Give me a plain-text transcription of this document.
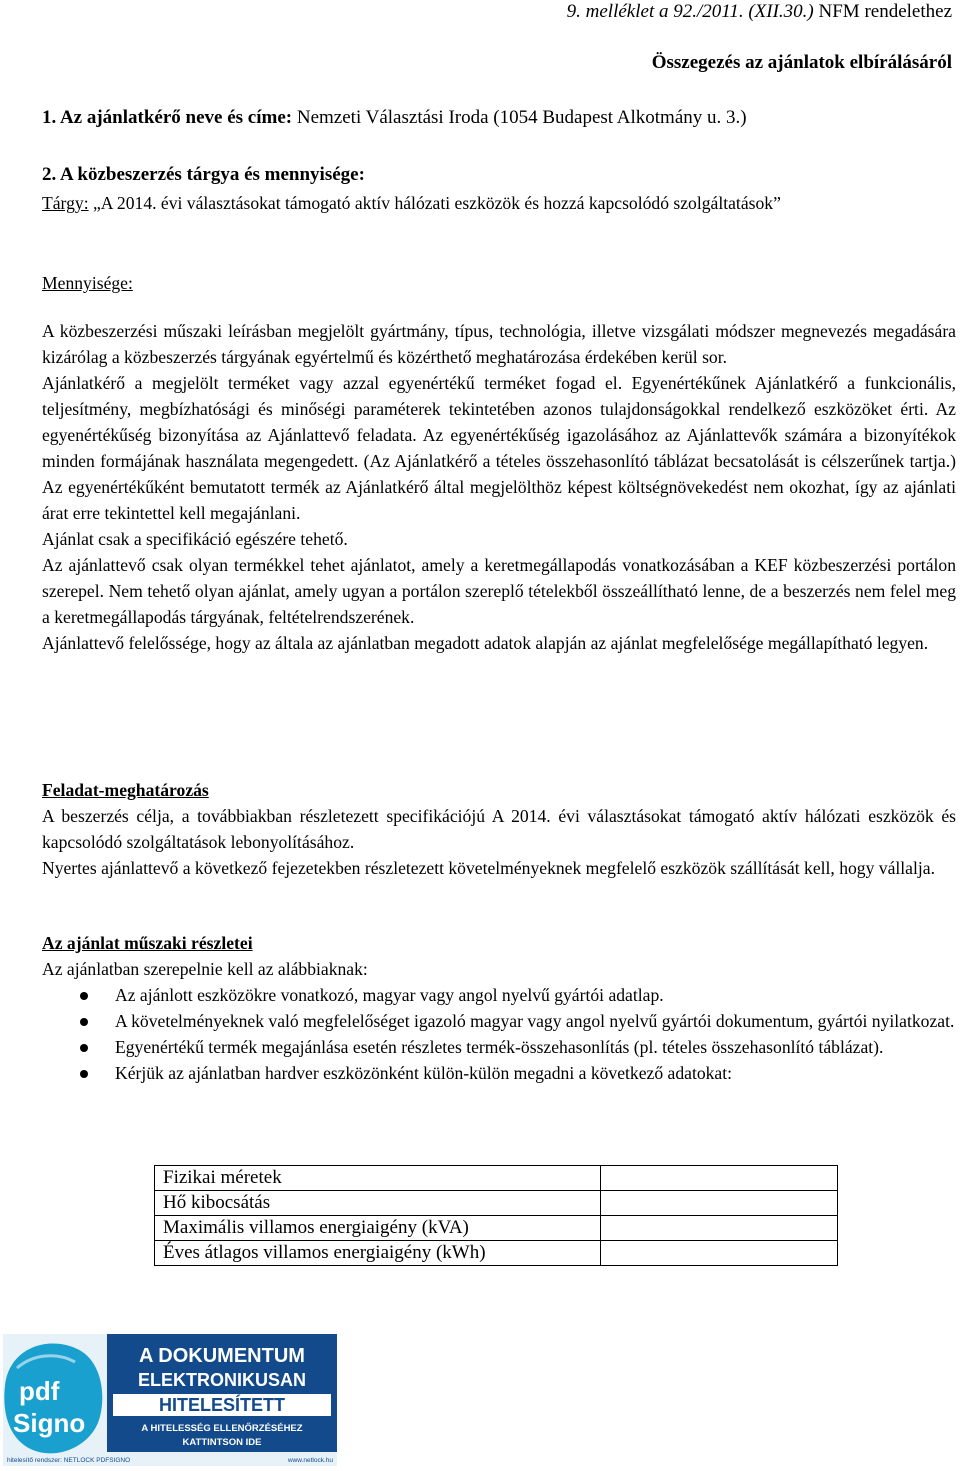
9. melléklet a 92./2011. (XII.30.) NFM rendelethez
Összegezés az ajánlatok elbírálásáról
1. Az ajánlatkérő neve és címe: Nemzeti Választási Iroda (1054 Budapest Alkotmány u. 3.)
2. A közbeszerzés tárgya és mennyisége:
Tárgy: „A 2014. évi választásokat támogató aktív hálózati eszközök és hozzá kapcsolódó szolgáltatások”
Mennyisége:

A közbeszerzési műszaki leírásban megjelölt gyártmány, típus, technológia, illetve vizsgálati módszer megnevezés megadására kizárólag a közbeszerzés tárgyának egyértelmű és közérthető meghatározása érdekében kerül sor.

Ajánlatkérő a megjelölt terméket vagy azzal egyenértékű terméket fogad el. Egyenértékűnek Ajánlatkérő a funkcionális, teljesítmény, megbízhatósági és minőségi paraméterek tekintetében azonos tulajdonságokkal rendelkező eszközöket érti. Az egyenértékűség bizonyítása az Ajánlattevő feladata. Az egyenértékűség igazolásához az Ajánlattevők számára a bizonyítékok minden formájának használata megengedett. (Az Ajánlatkérő a tételes összehasonlító táblázat becsatolását is célszerűnek tartja.) Az egyenértékűként bemutatott termék az Ajánlatkérő által megjelölthöz képest költségnövekedést nem okozhat, így az ajánlati árat erre tekintettel kell megajánlani.

Ajánlat csak a specifikáció egészére tehető.

Az ajánlattevő csak olyan termékkel tehet ajánlatot, amely a keretmegállapodás vonatkozásában a KEF közbeszerzési portálon szerepel. Nem tehető olyan ajánlat, amely ugyan a portálon szereplő tételekből összeállítható lenne, de a beszerzés nem felel meg a keretmegállapodás tárgyának, feltételrendszerének.

Ajánlattevő felelőssége, hogy az általa az ajánlatban megadott adatok alapján az ajánlat megfelelősége megállapítható legyen.

Feladat-meghatározás

A beszerzés célja, a továbbiakban részletezett specifikációjú A 2014. évi választásokat támogató aktív hálózati eszközök és kapcsolódó szolgáltatások lebonyolításához.

Nyertes ajánlattevő a következő fejezetekben részletezett követelményeknek megfelelő eszközök szállítását kell, hogy vállalja.

Az ajánlat műszaki részletei

Az ajánlatban szerepelnie kell az alábbiaknak:

Az ajánlott eszközökre vonatkozó, magyar vagy angol nyelvű gyártói adatlap.
A követelményeknek való megfelelőséget igazoló magyar vagy angol nyelvű gyártói dokumentum, gyártói nyilatkozat.
Egyenértékű termék megajánlása esetén részletes termék-összehasonlítás (pl. tételes összehasonlító táblázat).
Kérjük az ajánlatban hardver eszközönként külön-külön megadni a következő adatokat:
Fizikai méretek	
Hő kibocsátás	
Maximális villamos energiaigény (kVA)	
Éves átlagos villamos energiaigény (kWh)	
pdf
Signo
A DOKUMENTUM
ELEKTRONIKUSAN
HITELESÍTETT
A HITELESSÉG ELLENŐRZÉSÉHEZ
KATTINTSON IDE
hitelesítő rendszer: NETLOCK PDFSIGNO	www.netlock.hu
